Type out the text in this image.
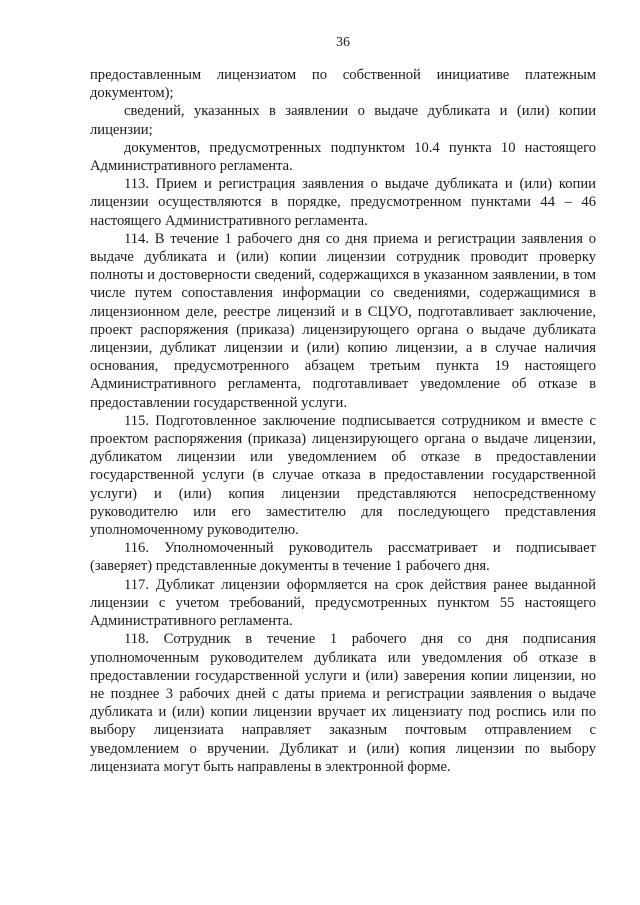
36

предоставленным лицензиатом по собственной инициативе платежным документом);

сведений, указанных в заявлении о выдаче дубликата и (или) копии лицензии;

документов, предусмотренных подпунктом 10.4 пункта 10 настоящего Административного регламента.

113. Прием и регистрация заявления о выдаче дубликата и (или) копии лицензии осуществляются в порядке, предусмотренном пунктами 44 – 46 настоящего Административного регламента.

114. В течение 1 рабочего дня со дня приема и регистрации заявления о выдаче дубликата и (или) копии лицензии сотрудник проводит проверку полноты и достоверности сведений, содержащихся в указанном заявлении, в том числе путем сопоставления информации со сведениями, содержащимися в лицензионном деле, реестре лицензий и в СЦУО, подготавливает заключение, проект распоряжения (приказа) лицензирующего органа о выдаче дубликата лицензии, дубликат лицензии и (или) копию лицензии, а в случае наличия основания, предусмотренного абзацем третьим пункта 19 настоящего Административного регламента, подготавливает уведомление об отказе в предоставлении государственной услуги.

115. Подготовленное заключение подписывается сотрудником и вместе с проектом распоряжения (приказа) лицензирующего органа о выдаче лицензии, дубликатом лицензии или уведомлением об отказе в предоставлении государственной услуги (в случае отказа в предоставлении государственной услуги) и (или) копия лицензии представляются непосредственному руководителю или его заместителю для последующего представления уполномоченному руководителю.

116. Уполномоченный руководитель рассматривает и подписывает (заверяет) представленные документы в течение 1 рабочего дня.

117. Дубликат лицензии оформляется на срок действия ранее выданной лицензии с учетом требований, предусмотренных пунктом 55 настоящего Административного регламента.

118. Сотрудник в течение 1 рабочего дня со дня подписания уполномоченным руководителем дубликата или уведомления об отказе в предоставлении государственной услуги и (или) заверения копии лицензии, но не позднее 3 рабочих дней с даты приема и регистрации заявления о выдаче дубликата и (или) копии лицензии вручает их лицензиату под роспись или по выбору лицензиата направляет заказным почтовым отправлением с уведомлением о вручении. Дубликат и (или) копия лицензии по выбору лицензиата могут быть направлены в электронной форме.
